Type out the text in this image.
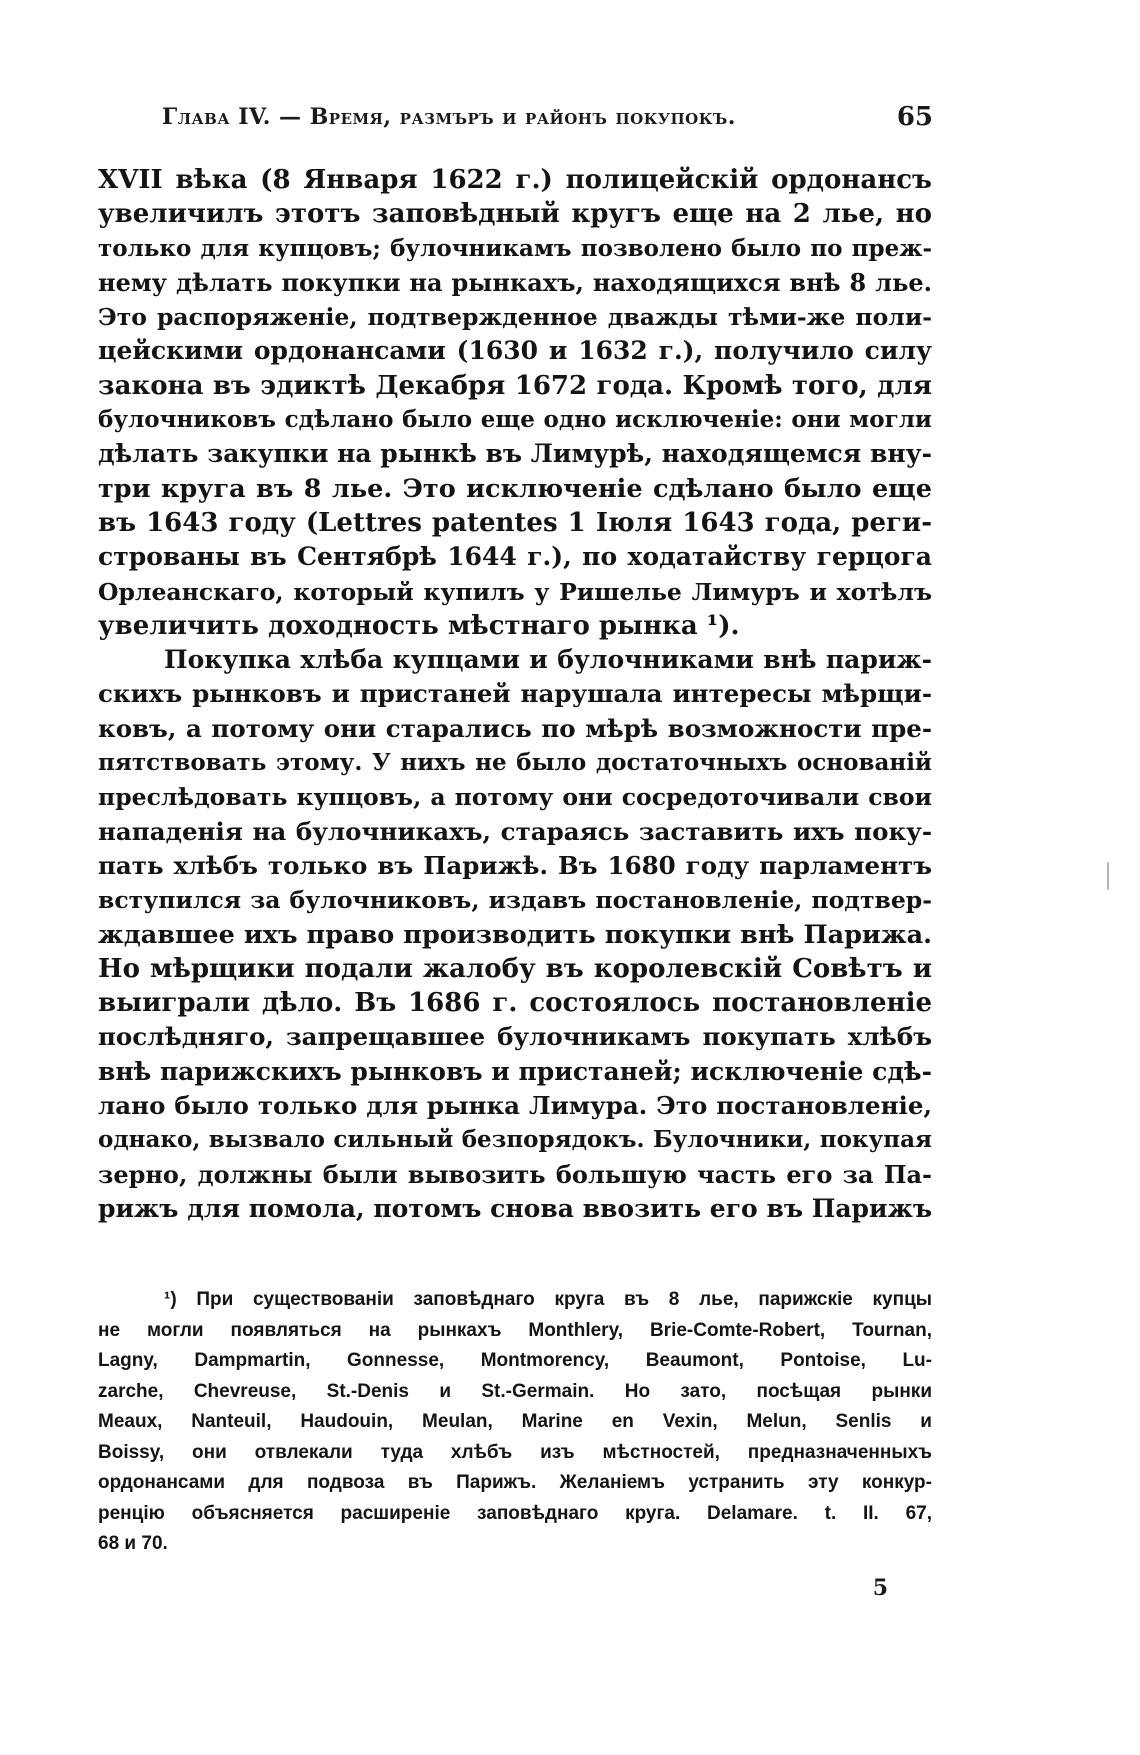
Глава IV. — Время, размъръ и районъ покупокъ.	65
XVII вѣка (8 Января 1622 г.) полицейскій ордонансъ
увеличилъ этотъ заповѣдный кругъ еще на 2 лье, но
только для купцовъ; булочникамъ позволено было по преж-
нему дѣлать покупки на рынкахъ, находящихся внѣ 8 лье.
Это распоряженіе, подтвержденное дважды тѣми-же поли-
цейскими ордонансами (1630 и 1632 г.), получило силу
закона въ эдиктѣ Декабря 1672 года. Кромѣ того, для
булочниковъ сдѣлано было еще одно исключеніе: они могли
дѣлать закупки на рынкѣ въ Лимурѣ, находящемся вну-
три круга въ 8 лье. Это исключеніе сдѣлано было еще
въ 1643 году (Lettres patentes 1 Іюля 1643 года, реги-
строваны въ Сентябрѣ 1644 г.), по ходатайству герцога
Орлеанскаго, который купилъ у Ришелье Лимуръ и хотѣлъ
увеличить доходность мѣстнаго рынка ¹).
Покупка хлѣба купцами и булочниками внѣ париж-
скихъ рынковъ и пристаней нарушала интересы мѣрщи-
ковъ, а потому они старались по мѣрѣ возможности пре-
пятствовать этому. У нихъ не было достаточныхъ основаній
преслѣдовать купцовъ, а потому они сосредоточивали свои
нападенія на булочникахъ, стараясь заставить ихъ поку-
пать хлѣбъ только въ Парижѣ. Въ 1680 году парламентъ
вступился за булочниковъ, издавъ постановленіе, подтвер-
ждавшее ихъ право производить покупки внѣ Парижа.
Но мѣрщики подали жалобу въ королевскій Совѣтъ и
выиграли дѣло. Въ 1686 г. состоялось постановленіе
послѣдняго, запрещавшее булочникамъ покупать хлѣбъ
внѣ парижскихъ рынковъ и пристаней; исключеніе сдѣ-
лано было только для рынка Лимура. Это постановленіе,
однако, вызвало сильный безпорядокъ. Булочники, покупая
зерно, должны были вывозить большую часть его за Па-
рижъ для помола, потомъ снова ввозить его въ Парижъ
¹) При существованіи заповѣднаго круга въ 8 лье, парижскіе купцы
не могли появляться на рынкахъ Monthlery, Brie-Comte-Robert, Tournan,
Lagny, Dampmartin, Gonnesse, Montmorency, Beaumont, Pontoise, Lu-
zarche, Chevreuse, St.-Denis и St.-Germain. Но зато, посѣщая рынки
Meaux, Nanteuil, Haudouin, Meulan, Marine en Vexin, Melun, Senlis и
Boissy, они отвлекали туда хлѣбъ изъ мѣстностей, предназначенныхъ
ордонансами для подвоза въ Парижъ. Желаніемъ устранить эту конкур-
ренцію объясняется расширеніе заповѣднаго круга. Delamare. t. II. 67,
68 и 70.
5
